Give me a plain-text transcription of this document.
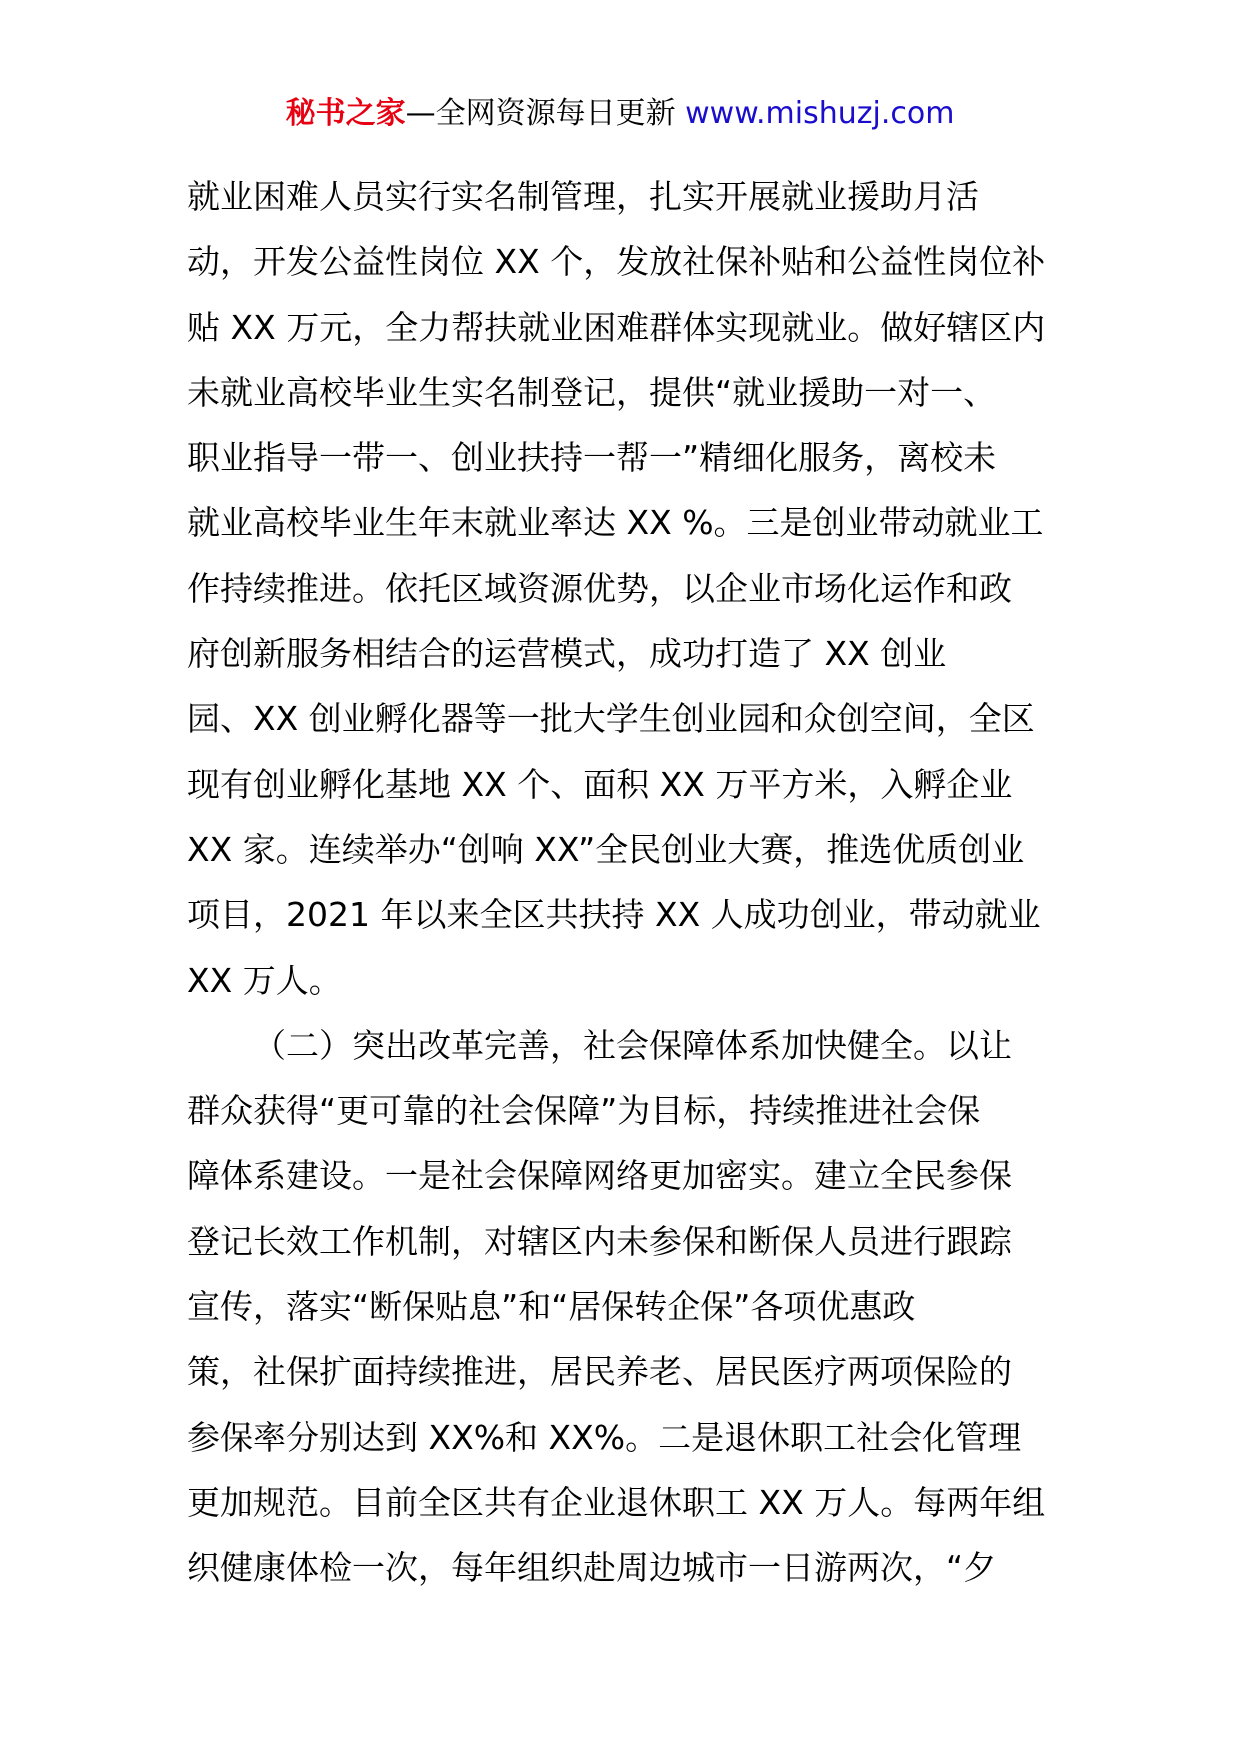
秘书之家—全网资源每日更新 www.mishuzj.com
就业困难人员实行实名制管理，扎实开展就业援助月活
动，开发公益性岗位 XX 个，发放社保补贴和公益性岗位补
贴 XX 万元，全力帮扶就业困难群体实现就业。做好辖区内
未就业高校毕业生实名制登记，提供“就业援助一对一、
职业指导一带一、创业扶持一帮一”精细化服务，离校未
就业高校毕业生年末就业率达 XX %。三是创业带动就业工
作持续推进。依托区域资源优势，以企业市场化运作和政
府创新服务相结合的运营模式，成功打造了 XX 创业
园、XX 创业孵化器等一批大学生创业园和众创空间，全区
现有创业孵化基地 XX 个、面积 XX 万平方米，入孵企业
XX 家。连续举办“创响 XX”全民创业大赛，推选优质创业
项目，2021 年以来全区共扶持 XX 人成功创业，带动就业
XX 万人。
（二）突出改革完善，社会保障体系加快健全。以让
群众获得“更可靠的社会保障”为目标，持续推进社会保
障体系建设。一是社会保障网络更加密实。建立全民参保
登记长效工作机制，对辖区内未参保和断保人员进行跟踪
宣传，落实“断保贴息”和“居保转企保”各项优惠政
策，社保扩面持续推进，居民养老、居民医疗两项保险的
参保率分别达到 XX%和 XX%。二是退休职工社会化管理
更加规范。目前全区共有企业退休职工 XX 万人。每两年组
织健康体检一次，每年组织赴周边城市一日游两次，“夕
